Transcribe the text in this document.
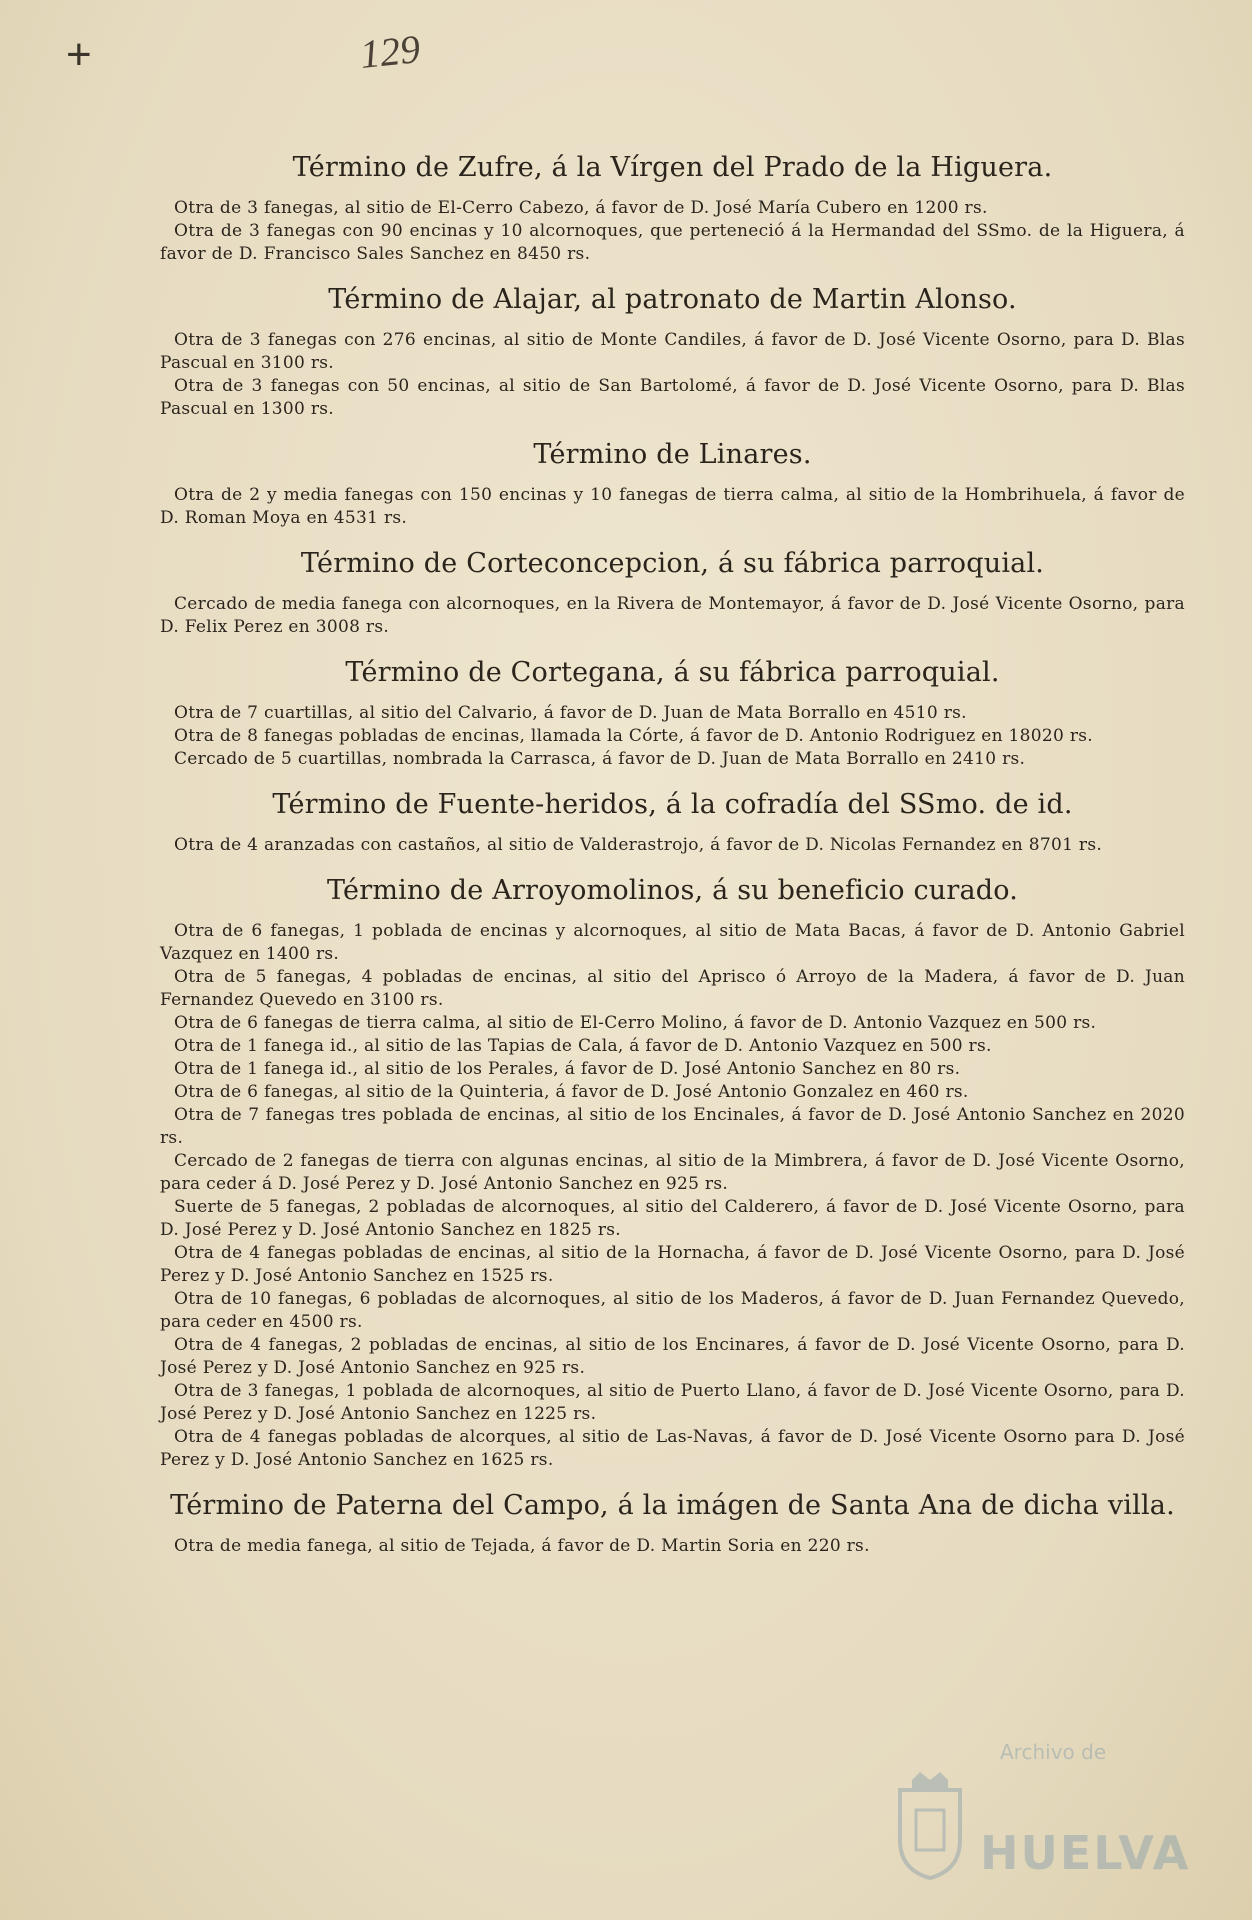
+	129

Término de Zufre, á la Vírgen del Prado de la Higuera.

Otra de 3 fanegas, al sitio de El-Cerro Cabezo, á favor de D. José María Cubero en 1200 rs.

Otra de 3 fanegas con 90 encinas y 10 alcornoques, que perteneció á la Hermandad del SSmo. de la Higuera, á favor de D. Francisco Sales Sanchez en 8450 rs.

Término de Alajar, al patronato de Martin Alonso.

Otra de 3 fanegas con 276 encinas, al sitio de Monte Candiles, á favor de D. José Vicente Osorno, para D. Blas Pascual en 3100 rs.

Otra de 3 fanegas con 50 encinas, al sitio de San Bartolomé, á favor de D. José Vicente Osorno, para D. Blas Pascual en 1300 rs.

Término de Linares.

Otra de 2 y media fanegas con 150 encinas y 10 fanegas de tierra calma, al sitio de la Hombrihuela, á favor de D. Roman Moya en 4531 rs.

Término de Corteconcepcion, á su fábrica parroquial.

Cercado de media fanega con alcornoques, en la Rivera de Montemayor, á favor de D. José Vicente Osorno, para D. Felix Perez en 3008 rs.

Término de Cortegana, á su fábrica parroquial.

Otra de 7 cuartillas, al sitio del Calvario, á favor de D. Juan de Mata Borrallo en 4510 rs.

Otra de 8 fanegas pobladas de encinas, llamada la Córte, á favor de D. Antonio Rodriguez en 18020 rs.

Cercado de 5 cuartillas, nombrada la Carrasca, á favor de D. Juan de Mata Borrallo en 2410 rs.

Término de Fuente-heridos, á la cofradía del SSmo. de id.

Otra de 4 aranzadas con castaños, al sitio de Valderastrojo, á favor de D. Nicolas Fernandez en 8701 rs.

Término de Arroyomolinos, á su beneficio curado.

Otra de 6 fanegas, 1 poblada de encinas y alcornoques, al sitio de Mata Bacas, á favor de D. Antonio Gabriel Vazquez en 1400 rs.

Otra de 5 fanegas, 4 pobladas de encinas, al sitio del Aprisco ó Arroyo de la Madera, á favor de D. Juan Fernandez Quevedo en 3100 rs.

Otra de 6 fanegas de tierra calma, al sitio de El-Cerro Molino, á favor de D. Antonio Vazquez en 500 rs.

Otra de 1 fanega id., al sitio de las Tapias de Cala, á favor de D. Antonio Vazquez en 500 rs.

Otra de 1 fanega id., al sitio de los Perales, á favor de D. José Antonio Sanchez en 80 rs.

Otra de 6 fanegas, al sitio de la Quinteria, á favor de D. José Antonio Gonzalez en 460 rs.

Otra de 7 fanegas tres poblada de encinas, al sitio de los Encinales, á favor de D. José Antonio Sanchez en 2020 rs.

Cercado de 2 fanegas de tierra con algunas encinas, al sitio de la Mimbrera, á favor de D. José Vicente Osorno, para ceder á D. José Perez y D. José Antonio Sanchez en 925 rs.

Suerte de 5 fanegas, 2 pobladas de alcornoques, al sitio del Calderero, á favor de D. José Vicente Osorno, para D. José Perez y D. José Antonio Sanchez en 1825 rs.

Otra de 4 fanegas pobladas de encinas, al sitio de la Hornacha, á favor de D. José Vicente Osorno, para D. José Perez y D. José Antonio Sanchez en 1525 rs.

Otra de 10 fanegas, 6 pobladas de alcornoques, al sitio de los Maderos, á favor de D. Juan Fernandez Quevedo, para ceder en 4500 rs.

Otra de 4 fanegas, 2 pobladas de encinas, al sitio de los Encinares, á favor de D. José Vicente Osorno, para D. José Perez y D. José Antonio Sanchez en 925 rs.

Otra de 3 fanegas, 1 poblada de alcornoques, al sitio de Puerto Llano, á favor de D. José Vicente Osorno, para D. José Perez y D. José Antonio Sanchez en 1225 rs.

Otra de 4 fanegas pobladas de alcorques, al sitio de Las-Navas, á favor de D. José Vicente Osorno para D. José Perez y D. José Antonio Sanchez en 1625 rs.

Término de Paterna del Campo, á la imágen de Santa Ana de dicha villa.

Otra de media fanega, al sitio de Tejada, á favor de D. Martin Soria en 220 rs.

Archivo de
HUELVA
